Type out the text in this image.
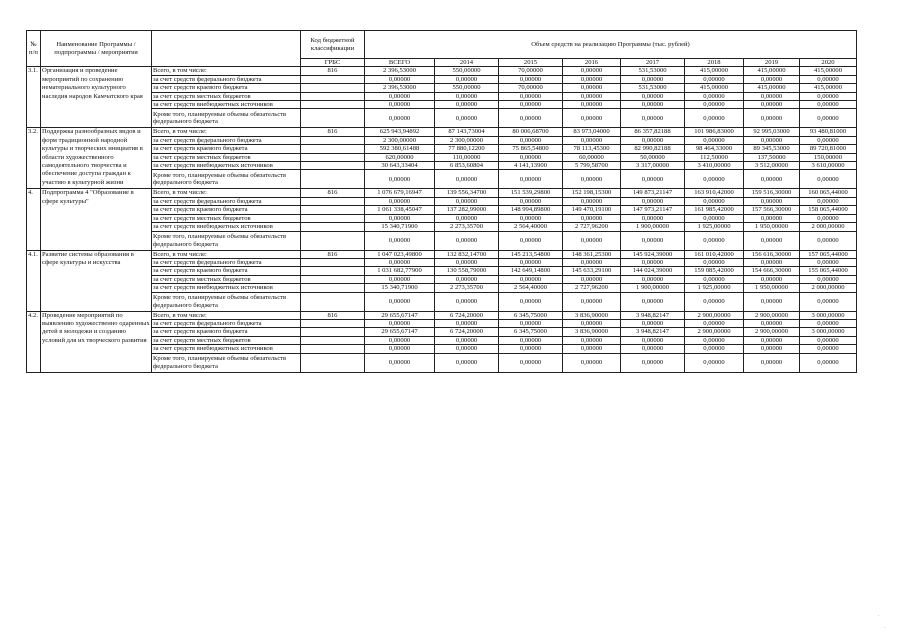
№ п/п	Наименование Программы / подпрограммы / мероприятия		Код бюджетной классификации	Объем средств на реализацию Программы (тыс. рублей)							
			ГРБС	ВСЕГО	2014	2015	2016	2017	2018	2019	2020
3.1.	Организация и проведение мероприятий по сохранению нематериального культурного наследия народов Камчатского края	Всего, в том числе:	816	2 396,53000	550,00000	70,00000	0,00000	531,53000	415,00000	415,00000	415,00000
		за счет средств федерального бюджета		0,00000	0,00000	0,00000	0,00000	0,00000	0,00000	0,00000	0,00000
		за счет средств краевого бюджета		2 396,53000	550,00000	70,00000	0,00000	531,53000	415,00000	415,00000	415,00000
		за счет средств местных бюджетов		0,00000	0,00000	0,00000	0,00000	0,00000	0,00000	0,00000	0,00000
		за счет средств внебюджетных источников		0,00000	0,00000	0,00000	0,00000	0,00000	0,00000	0,00000	0,00000
		Кроме того, планируемые объемы обязательств федерального бюджета		0,00000	0,00000	0,00000	0,00000	0,00000	0,00000	0,00000	0,00000
3.2.	Поддержка разнообразных видов и форм традиционной народной культуры и творческих инициатив в области художественного самодеятельного творчества и обеспечение доступа граждан к участию в культурной жизни	Всего, в том числе:	816	625 943,94892	87 143,73004	80 006,68700	83 973,04000	86 357,82188	101 986,83000	92 995,03000	93 480,81000
		за счет средств федерального бюджета		2 300,00000	2 300,00000	0,00000	0,00000	0,00000	0,00000	0,00000	0,00000
		за счет средств краевого бюджета		592 380,61488	77 880,12200	75 865,54800	78 113,45300	82 990,82188	98 464,33000	89 345,53000	89 720,81000
		за счет средств местных бюджетов		620,00000	110,00000	0,00000	60,00000	50,00000	112,50000	137,50000	150,00000
		за счет средств внебюджетных источников		30 643,33404	6 853,60804	4 141,13900	5 799,58700	3 317,00000	3 410,00000	3 512,00000	3 610,00000
		Кроме того, планируемые объемы обязательств федерального бюджета		0,00000	0,00000	0,00000	0,00000	0,00000	0,00000	0,00000	0,00000
4.	Подпрограмма 4 "Образование в сфере культуры"	Всего, в том числе:	816	1 076 679,16947	139 556,34700	151 539,29800	152 198,15300	149 873,21147	163 910,42000	159 516,30000	160 065,44000
		за счет средств федерального бюджета		0,00000	0,00000	0,00000	0,00000	0,00000	0,00000	0,00000	0,00000
		за счет средств краевого бюджета		1 061 338,45047	137 282,99000	148 994,89800	149 470,19100	147 973,21147	161 985,42000	157 566,30000	158 065,44000
		за счет средств местных бюджетов		0,00000	0,00000	0,00000	0,00000	0,00000	0,00000	0,00000	0,00000
		за счет средств внебюджетных источников		15 340,71900	2 273,35700	2 564,40000	2 727,96200	1 900,00000	1 925,00000	1 950,00000	2 000,00000
		Кроме того, планируемые объемы обязательств федерального бюджета		0,00000	0,00000	0,00000	0,00000	0,00000	0,00000	0,00000	0,00000
4.1.	Развитие системы образования в сфере культуры и искусства	Всего, в том числе:	816	1 047 023,49800	132 832,14700	145 213,54800	148 361,25300	145 924,39000	161 010,42000	156 616,30000	157 065,44000
		за счет средств федерального бюджета		0,00000	0,00000	0,00000	0,00000	0,00000	0,00000	0,00000	0,00000
		за счет средств краевого бюджета		1 031 682,77900	130 558,79000	142 649,14800	145 633,29100	144 024,39000	159 085,42000	154 666,30000	155 065,44000
		за счет средств местных бюджетов		0,00000	0,00000	0,00000	0,00000	0,00000	0,00000	0,00000	0,00000
		за счет средств внебюджетных источников		15 340,71900	2 273,35700	2 564,40000	2 727,96200	1 900,00000	1 925,00000	1 950,00000	2 000,00000
		Кроме того, планируемые объемы обязательств федерального бюджета		0,00000	0,00000	0,00000	0,00000	0,00000	0,00000	0,00000	0,00000
4.2.	Проведение мероприятий по выявлению художественно одаренных детей в молодежи и созданию условий для их творческого развития	Всего, в том числе:	816	29 655,67147	6 724,20000	6 345,75000	3 836,90000	3 948,82147	2 900,00000	2 900,00000	3 000,00000
		за счет средств федерального бюджета		0,00000	0,00000	0,00000	0,00000	0,00000	0,00000	0,00000	0,00000
		за счет средств краевого бюджета		29 655,67147	6 724,20000	6 345,75000	3 836,90000	3 948,82147	2 900,00000	2 900,00000	3 000,00000
		за счет средств местных бюджетов		0,00000	0,00000	0,00000	0,00000	0,00000	0,00000	0,00000	0,00000
		за счет средств внебюджетных источников		0,00000	0,00000	0,00000	0,00000	0,00000	0,00000	0,00000	0,00000
		Кроме того, планируемые объемы обязательств федерального бюджета		0,00000	0,00000	0,00000	0,00000	0,00000	0,00000	0,00000	0,00000
.
.
